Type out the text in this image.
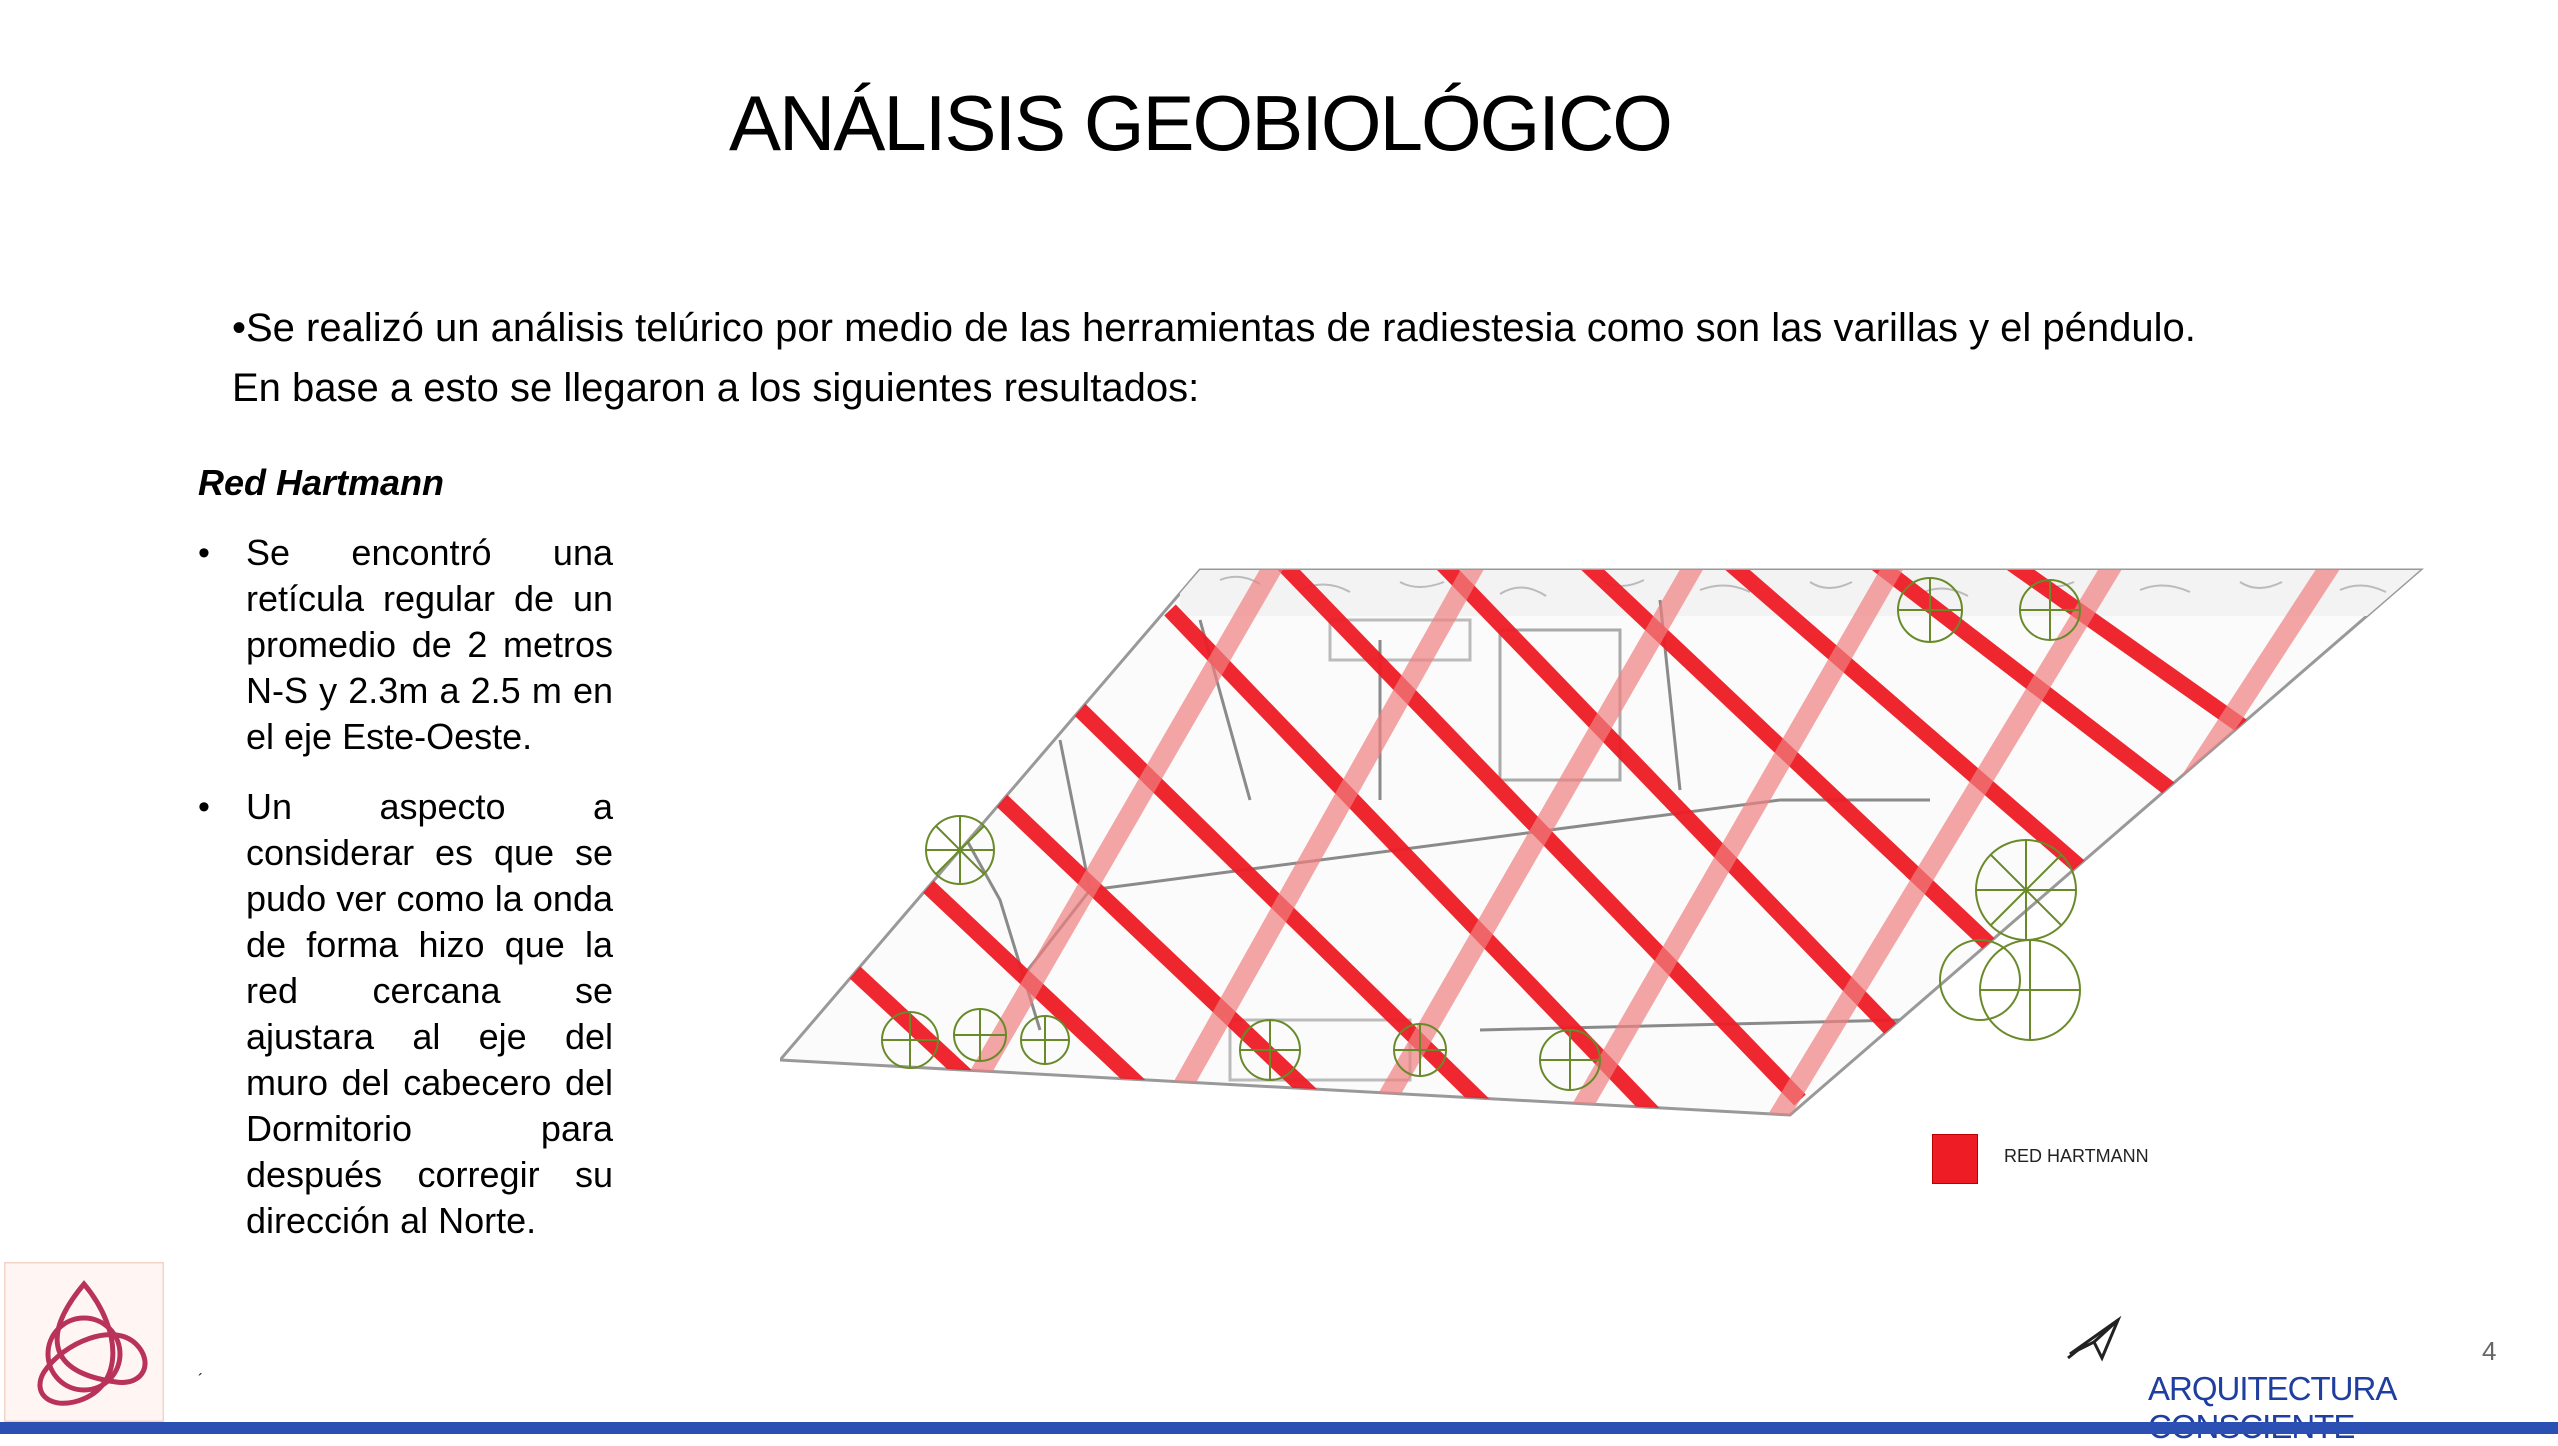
ANÁLISIS GEOBIOLÓGICO
•Se realizó un análisis telúrico por medio de las herramientas de radiestesia como son las varillas y el péndulo.
En base a esto se llegaron a los siguientes resultados:
Red Hartmann
• Se encontró una retícula regular de un promedio de 2 metros N-S y 2.3m a 2.5 m en el eje Este-Oeste.
• Un aspecto a considerar es que se pudo ver como la onda de forma hizo que la red cercana se ajustara al eje del muro del cabecero del Dormitorio para después corregir su dirección al Norte.
RED HARTMANN
´
4
ARQUITECTURA
